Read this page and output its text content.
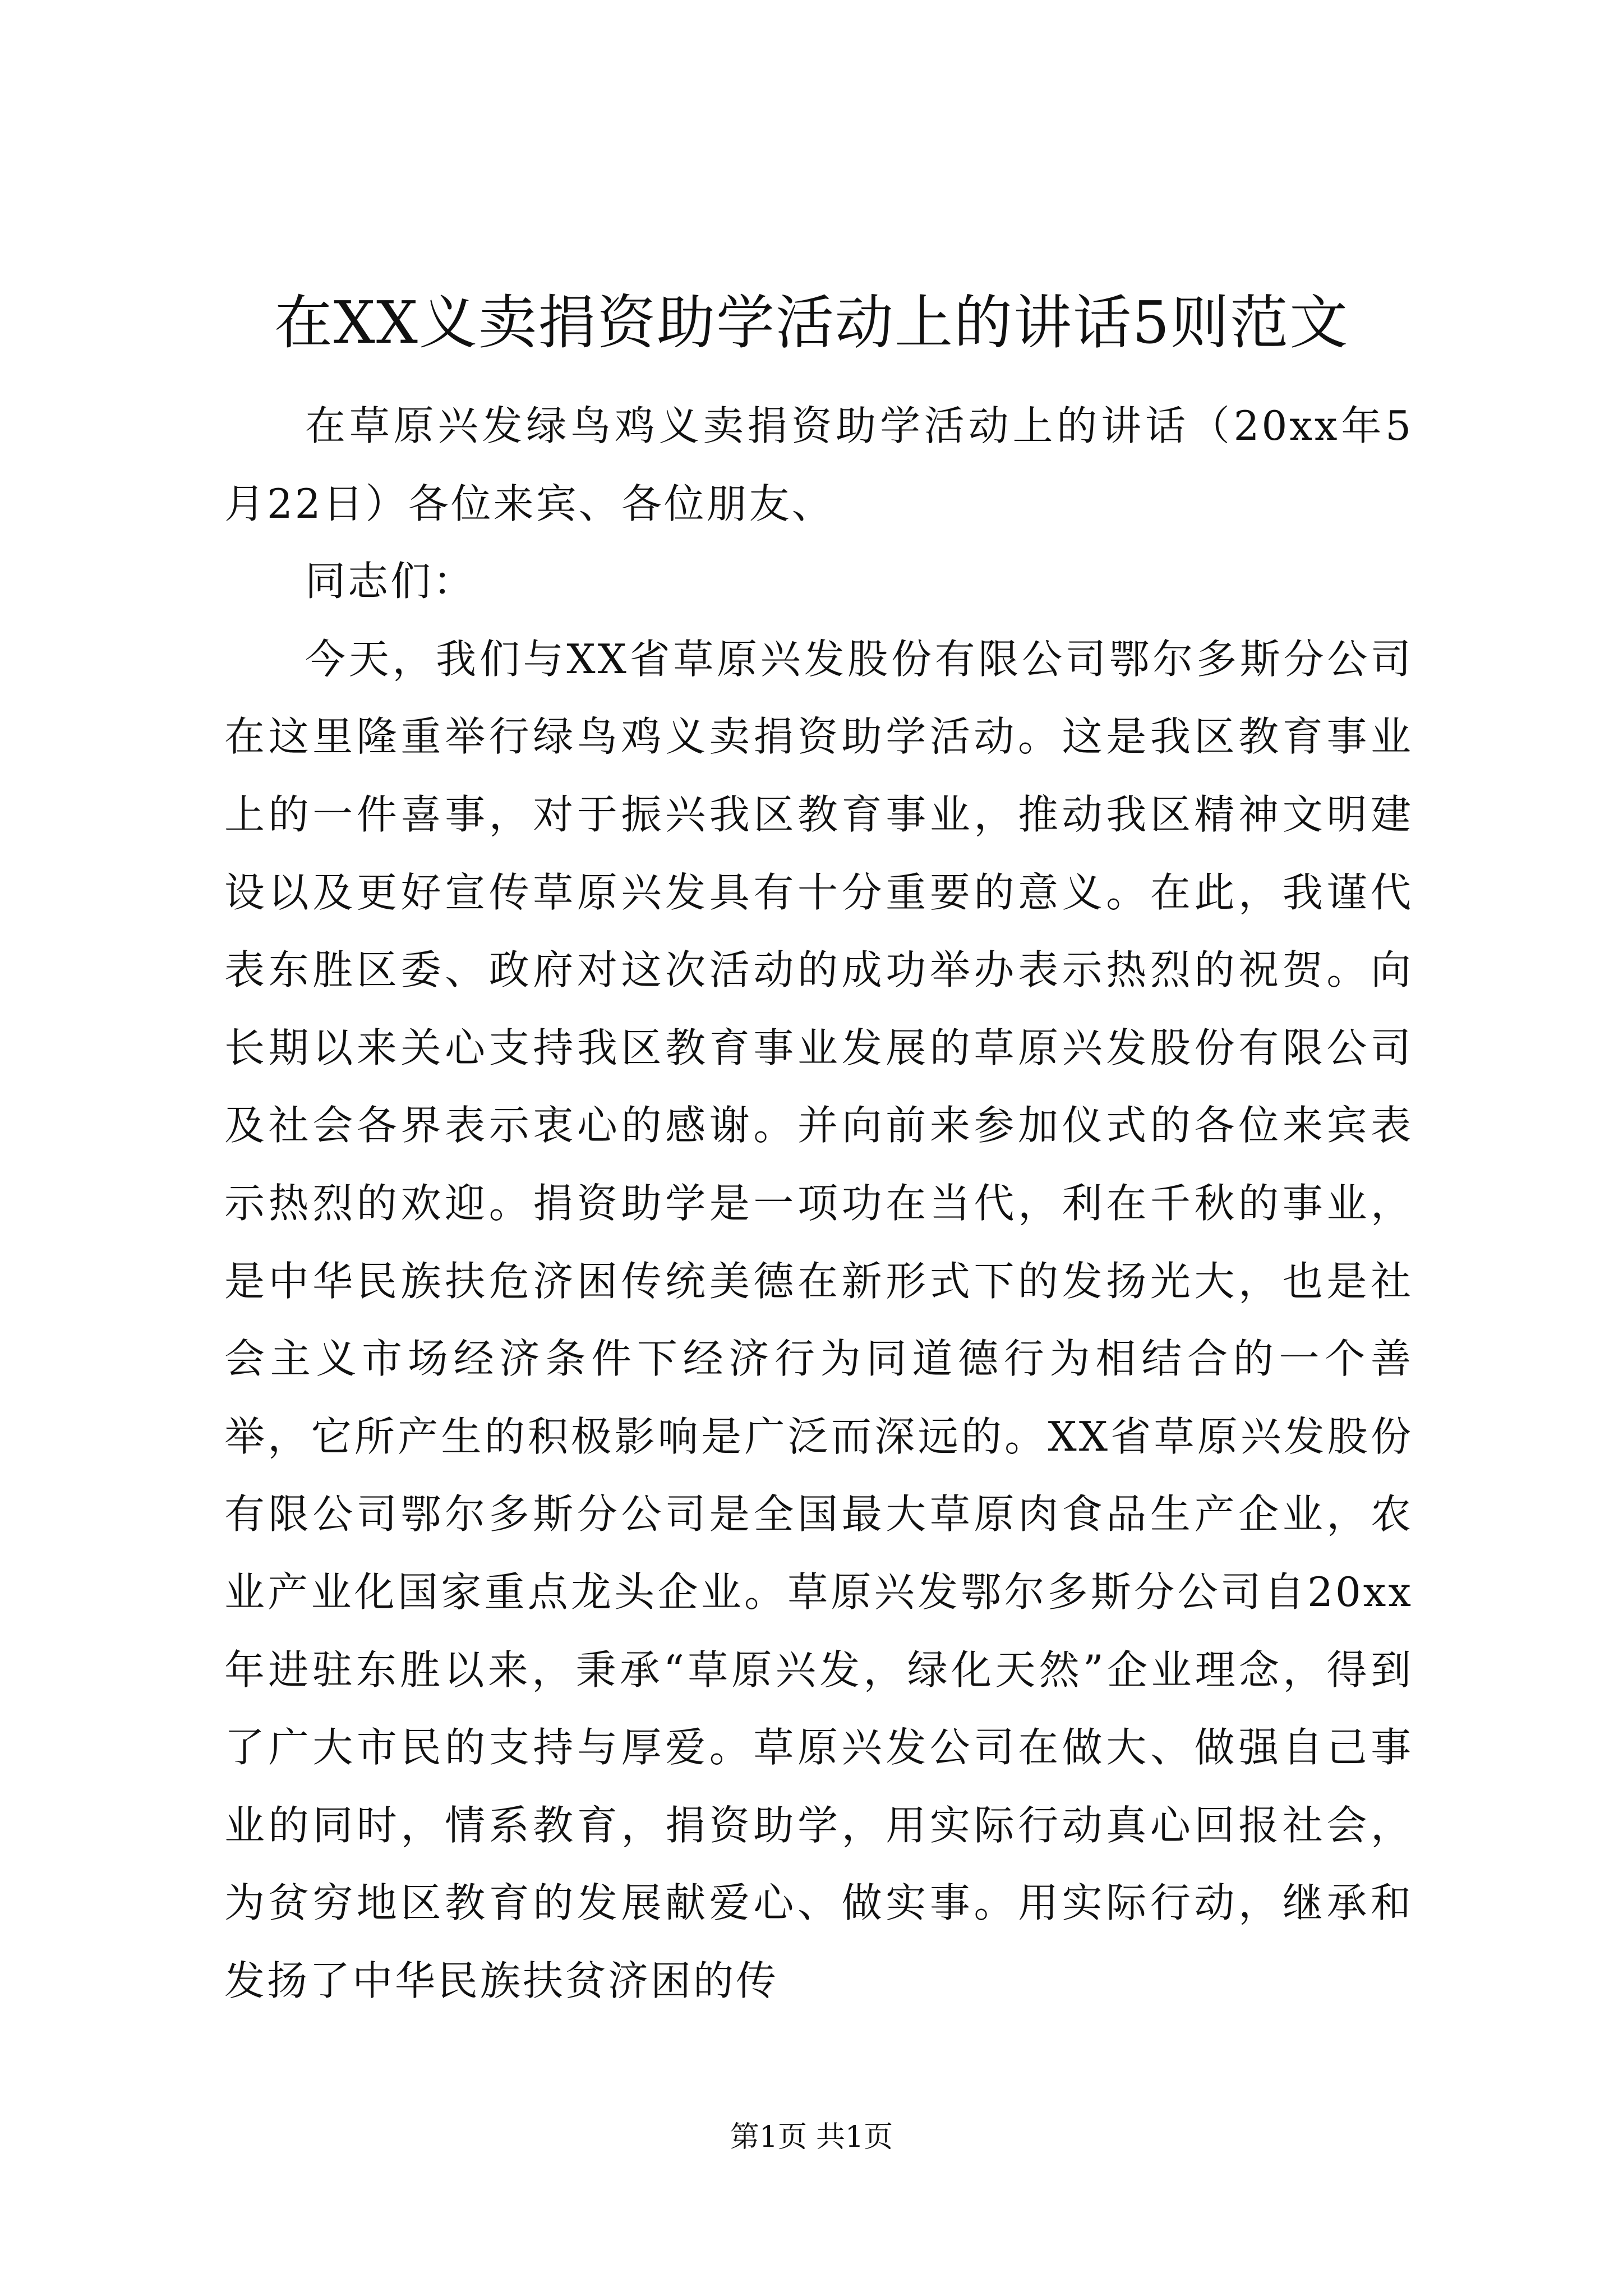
在XX义卖捐资助学活动上的讲话5则范文

在草原兴发绿鸟鸡义卖捐资助学活动上的讲话（20xx年5月22日）各位来宾、各位朋友、

同志们：

今天，我们与XX省草原兴发股份有限公司鄂尔多斯分公司在这里隆重举行绿鸟鸡义卖捐资助学活动。这是我区教育事业上的一件喜事，对于振兴我区教育事业，推动我区精神文明建设以及更好宣传草原兴发具有十分重要的意义。在此，我谨代表东胜区委、政府对这次活动的成功举办表示热烈的祝贺。向长期以来关心支持我区教育事业发展的草原兴发股份有限公司及社会各界表示衷心的感谢。并向前来参加仪式的各位来宾表示热烈的欢迎。捐资助学是一项功在当代，利在千秋的事业，是中华民族扶危济困传统美德在新形式下的发扬光大，也是社会主义市场经济条件下经济行为同道德行为相结合的一个善举，它所产生的积极影响是广泛而深远的。XX省草原兴发股份有限公司鄂尔多斯分公司是全国最大草原肉食品生产企业，农业产业化国家重点龙头企业。草原兴发鄂尔多斯分公司自20xx年进驻东胜以来，秉承“草原兴发，绿化天然”企业理念，得到了广大市民的支持与厚爱。草原兴发公司在做大、做强自己事业的同时，情系教育，捐资助学，用实际行动真心回报社会，为贫穷地区教育的发展献爱心、做实事。用实际行动，继承和发扬了中华民族扶贫济困的传

第1页 共1页
